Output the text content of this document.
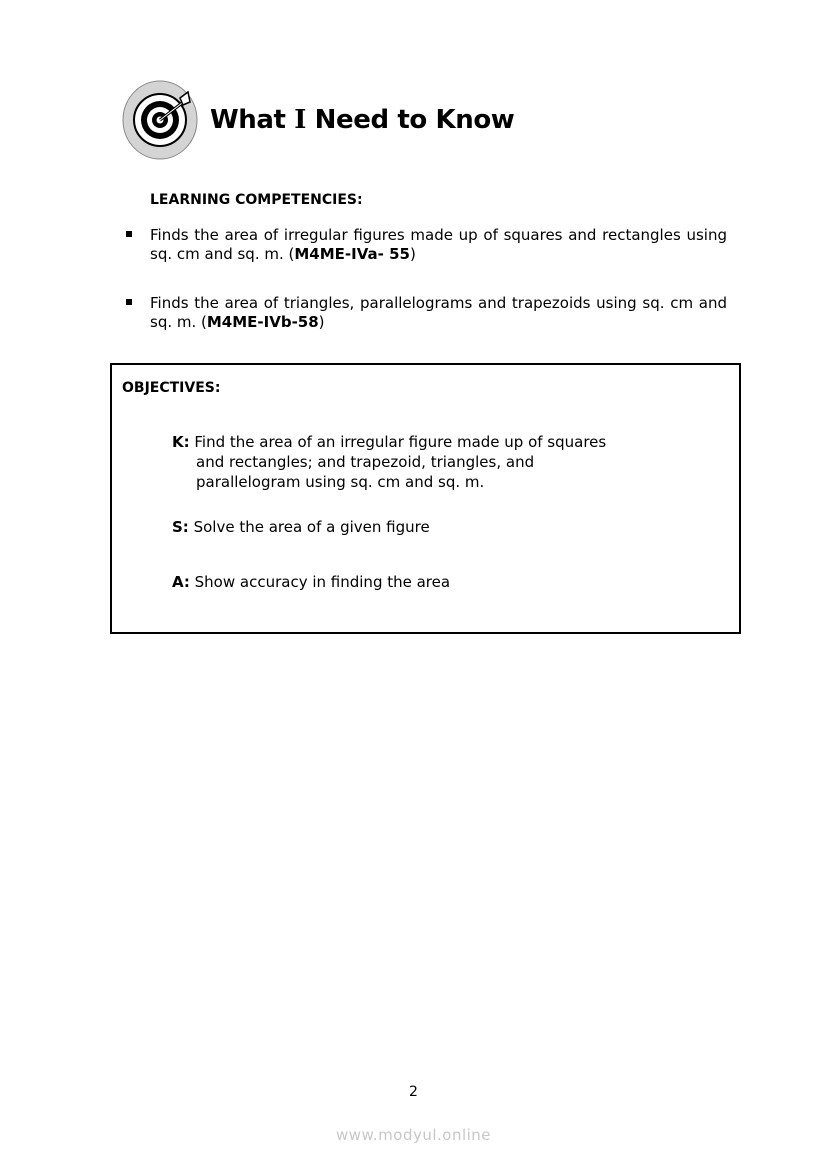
What I Need to Know
LEARNING COMPETENCIES:
Finds the area of irregular figures made up of squares and rectangles using sq. cm and sq. m. (M4ME-IVa- 55)
Finds the area of triangles, parallelograms and trapezoids using sq. cm and sq. m. (M4ME-IVb-58)
OBJECTIVES:
K: Find the area of an irregular figure made up of squares
and rectangles; and trapezoid, triangles, and
parallelogram using sq. cm and sq. m.
S: Solve the area of a given figure
A: Show accuracy in finding the area
2
www.modyul.online
